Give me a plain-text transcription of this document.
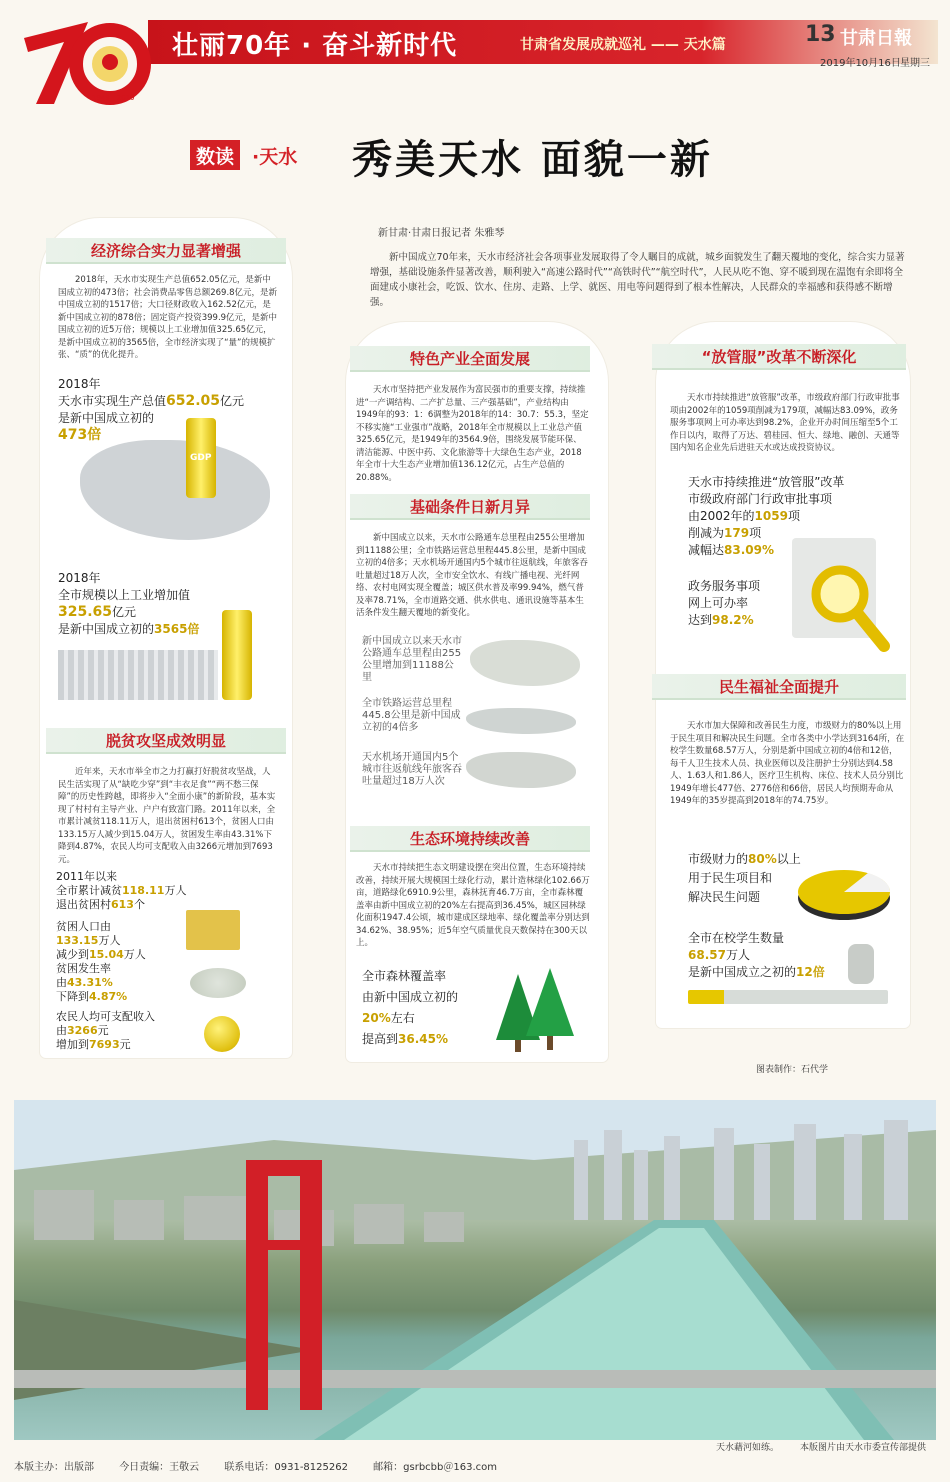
1949—2019
壮丽70年 · 奋斗新时代	甘肃省发展成就巡礼 —— 天水篇	13 甘肃日報
2019年10月16日 星期三
数读 ·天水 秀美天水 面貌一新
新甘肃·甘肃日报记者 朱雅琴
新中国成立70年来，天水市经济社会各项事业发展取得了令人瞩目的成就，城乡面貌发生了翻天覆地的变化，综合实力显著增强，基础设施条件显著改善，顺利驶入“高速公路时代”“高铁时代”“航空时代”，人民从吃不饱、穿不暖到现在温饱有余即将全面建成小康社会，吃饭、饮水、住房、走路、上学、就医、用电等问题得到了根本性解决，人民群众的幸福感和获得感不断增强。
经济综合实力显著增强
2018年，天水市实现生产总值652.05亿元，是新中国成立初的473倍；社会消费品零售总额269.8亿元，是新中国成立初的1517倍；大口径财政收入162.52亿元，是新中国成立初的878倍；固定资产投资399.9亿元，是新中国成立初的近5万倍；规模以上工业增加值325.65亿元，是新中国成立初的3565倍，全市经济实现了“量”的规模扩张、“质”的优化提升。
GDP
2018年
天水市实现生产总值652.05亿元
是新中国成立初的
473倍
2018年
全市规模以上工业增加值
325.65亿元
是新中国成立初的3565倍
脱贫攻坚成效明显
近年来，天水市举全市之力打赢打好脱贫攻坚战，人民生活实现了从“缺吃少穿”到“丰衣足食”“两不愁三保障”的历史性跨越，即将步入“全面小康”的新阶段，基本实现了村村有主导产业、户户有致富门路。2011年以来，全市累计减贫118.11万人，退出贫困村613个，贫困人口由133.15万人减少到15.04万人，贫困发生率由43.31%下降到4.87%，农民人均可支配收入由3266元增加到7693元。
2011年以来
全市累计减贫118.11万人
退出贫困村613个
贫困人口由
133.15万人
减少到15.04万人
贫困发生率
由43.31%
下降到4.87%
农民人均可支配收入
由3266元
增加到7693元
特色产业全面发展
天水市坚持把产业发展作为富民强市的重要支撑，持续推进“一产调结构、二产扩总量、三产强基础”，产业结构由1949年的93：1：6调整为2018年的14：30.7：55.3，坚定不移实施“工业强市”战略，2018年全市规模以上工业总产值325.65亿元，是1949年的3564.9倍，围绕发展节能环保、清洁能源、中医中药、文化旅游等十大绿色生态产业，2018年全市十大生态产业增加值136.12亿元，占生产总值的20.88%。
基础条件日新月异
新中国成立以来，天水市公路通车总里程由255公里增加到11188公里；全市铁路运营总里程445.8公里，是新中国成立初的4倍多；天水机场开通国内5个城市往返航线，年旅客吞吐量超过18万人次，全市安全饮水、有线广播电视、光纤网络、农村电网实现全覆盖；城区供水普及率99.94%，燃气普及率78.71%，全市道路交通、供水供电、通讯设施等基本生活条件发生翻天覆地的新变化。
新中国成立以来天水市公路通车总里程由255公里增加到11188公里
全市铁路运营总里程445.8公里是新中国成立初的4倍多
天水机场开通国内5个城市往返航线年旅客吞吐量超过18万人次
生态环境持续改善
天水市持续把生态文明建设摆在突出位置，生态环境持续改善，持续开展大规模国土绿化行动，累计造林绿化102.66万亩，道路绿化6910.9公里，森林抚育46.7万亩，全市森林覆盖率由新中国成立初的20%左右提高到36.45%，城区园林绿化面积1947.4公顷，城市建成区绿地率、绿化覆盖率分别达到34.62%、38.95%；近5年空气质量优良天数保持在300天以上。
全市森林覆盖率
由新中国成立初的
20%左右
提高到36.45%
“放管服”改革不断深化
天水市持续推进“放管服”改革，市级政府部门行政审批事项由2002年的1059项削减为179项，减幅达83.09%，政务服务事项网上可办率达到98.2%，企业开办时间压缩至5个工作日以内，取得了万达、碧桂园、恒大、绿地、融创、天通等国内知名企业先后进驻天水或达成投资协议。
天水市持续推进“放管服”改革
市级政府部门行政审批事项
由2002年的1059项
削减为179项
减幅达83.09%
政务服务事项
网上可办率
达到98.2%
民生福祉全面提升
天水市加大保障和改善民生力度，市级财力的80%以上用于民生项目和解决民生问题。全市各类中小学达到3164所，在校学生数量68.57万人，分别是新中国成立初的4倍和12倍，每千人卫生技术人员、执业医师以及注册护士分别达到4.58人、1.63人和1.86人，医疗卫生机构、床位、技术人员分别比1949年增长477倍、2776倍和66倍，居民人均预期寿命从1949年的35岁提高到2018年的74.75岁。
市级财力的80%以上

用于民生项目和
解决民生问题
全市在校学生数量
68.57万人
是新中国成立之初的12倍
图表制作：石代学
天水藉河如练。 本版图片由天水市委宣传部提供
本版主办：出版部	今日责编：王敬云	联系电话：0931-8125262	邮箱：gsrbcbb＠163.com
